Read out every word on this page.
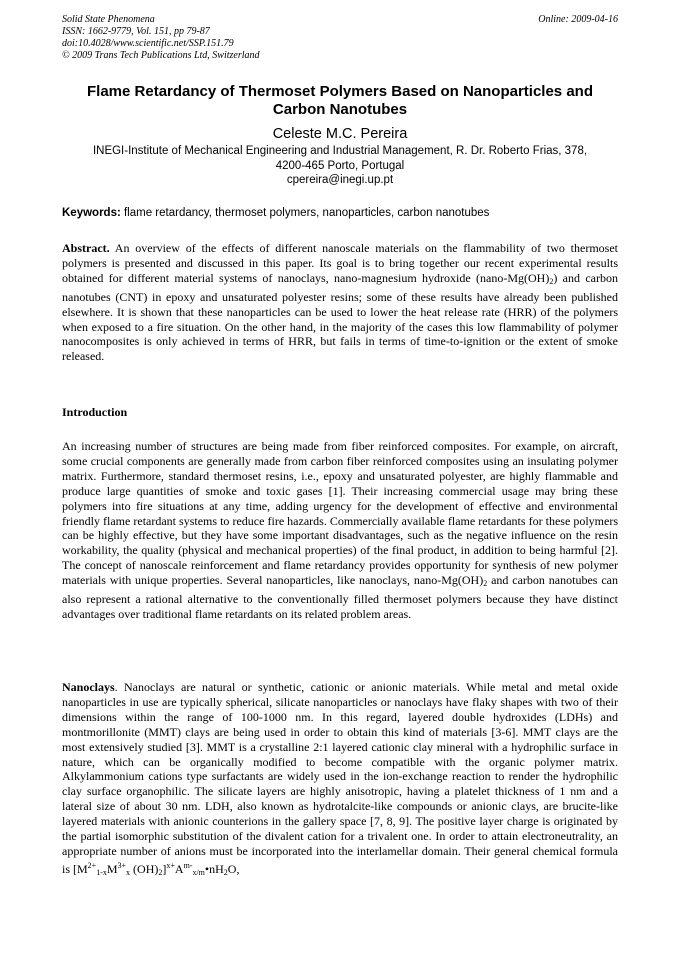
Solid State Phenomena
ISSN: 1662-9779, Vol. 151, pp 79-87
doi:10.4028/www.scientific.net/SSP.151.79
© 2009 Trans Tech Publications Ltd, Switzerland
Online: 2009-04-16
Flame Retardancy of Thermoset Polymers Based on Nanoparticles and Carbon Nanotubes
Celeste M.C. Pereira
INEGI-Institute of Mechanical Engineering and Industrial Management, R. Dr. Roberto Frias, 378,
4200-465 Porto, Portugal
cpereira@inegi.up.pt
Keywords: flame retardancy, thermoset polymers, nanoparticles, carbon nanotubes
Abstract. An overview of the effects of different nanoscale materials on the flammability of two thermoset polymers is presented and discussed in this paper. Its goal is to bring together our recent experimental results obtained for different material systems of nanoclays, nano-magnesium hydroxide $(nano-Mg(OH)_2)$ and carbon nanotubes (CNT) in epoxy and unsaturated polyester resins; some of these results have already been published elsewhere. It is shown that these nanoparticles can be used to lower the heat release rate (HRR) of the polymers when exposed to a fire situation. On the other hand, in the majority of the cases this low flammability of polymer nanocomposites is only achieved in terms of HRR, but fails in terms of time-to-ignition or the extent of smoke released.
Introduction
An increasing number of structures are being made from fiber reinforced composites. For example, on aircraft, some crucial components are generally made from carbon fiber reinforced composites using an insulating polymer matrix. Furthermore, standard thermoset resins, i.e., epoxy and unsaturated polyester, are highly flammable and produce large quantities of smoke and toxic gases [1]. Their increasing commercial usage may bring these polymers into fire situations at any time, adding urgency for the development of effective and environmental friendly flame retardant systems to reduce fire hazards. Commercially available flame retardants for these polymers can be highly effective, but they have some important disadvantages, such as the negative influence on the resin workability, the quality (physical and mechanical properties) of the final product, in addition to being harmful [2]. The concept of nanoscale reinforcement and flame retardancy provides opportunity for synthesis of new polymer materials with unique properties. Several nanoparticles, like nanoclays, nano-$Mg(OH)_2$ and carbon nanotubes can also represent a rational alternative to the conventionally filled thermoset polymers because they have distinct advantages over traditional flame retardants on its related problem areas.
Nanoclays. Nanoclays are natural or synthetic, cationic or anionic materials. While metal and metal oxide nanoparticles in use are typically spherical, silicate nanoparticles or nanoclays have flaky shapes with two of their dimensions within the range of 100-1000 nm. In this regard, layered double hydroxides (LDHs) and montmorillonite (MMT) clays are being used in order to obtain this kind of materials [3-6]. MMT clays are the most extensively studied [3]. MMT is a crystalline 2:1 layered cationic clay mineral with a hydrophilic surface in nature, which can be organically modified to become compatible with the organic polymer matrix. Alkylammonium cations type surfactants are widely used in the ion-exchange reaction to render the hydrophilic clay surface organophilic. The silicate layers are highly anisotropic, having a platelet thickness of 1 nm and a lateral size of about 30 nm. LDH, also known as hydrotalcite-like compounds or anionic clays, are brucite-like layered materials with anionic counterions in the gallery space [7, 8, 9]. The positive layer charge is originated by the partial isomorphic substitution of the divalent cation for a trivalent one. In order to attain electroneutrality, an appropriate number of anions must be incorporated into the interlamellar domain. Their general chemical formula is [$M^{2+}_{1-x}M^{3+}_x$ $(OH)_2]^{x+}A^{m-}_{x/m}•nH_2O$,
